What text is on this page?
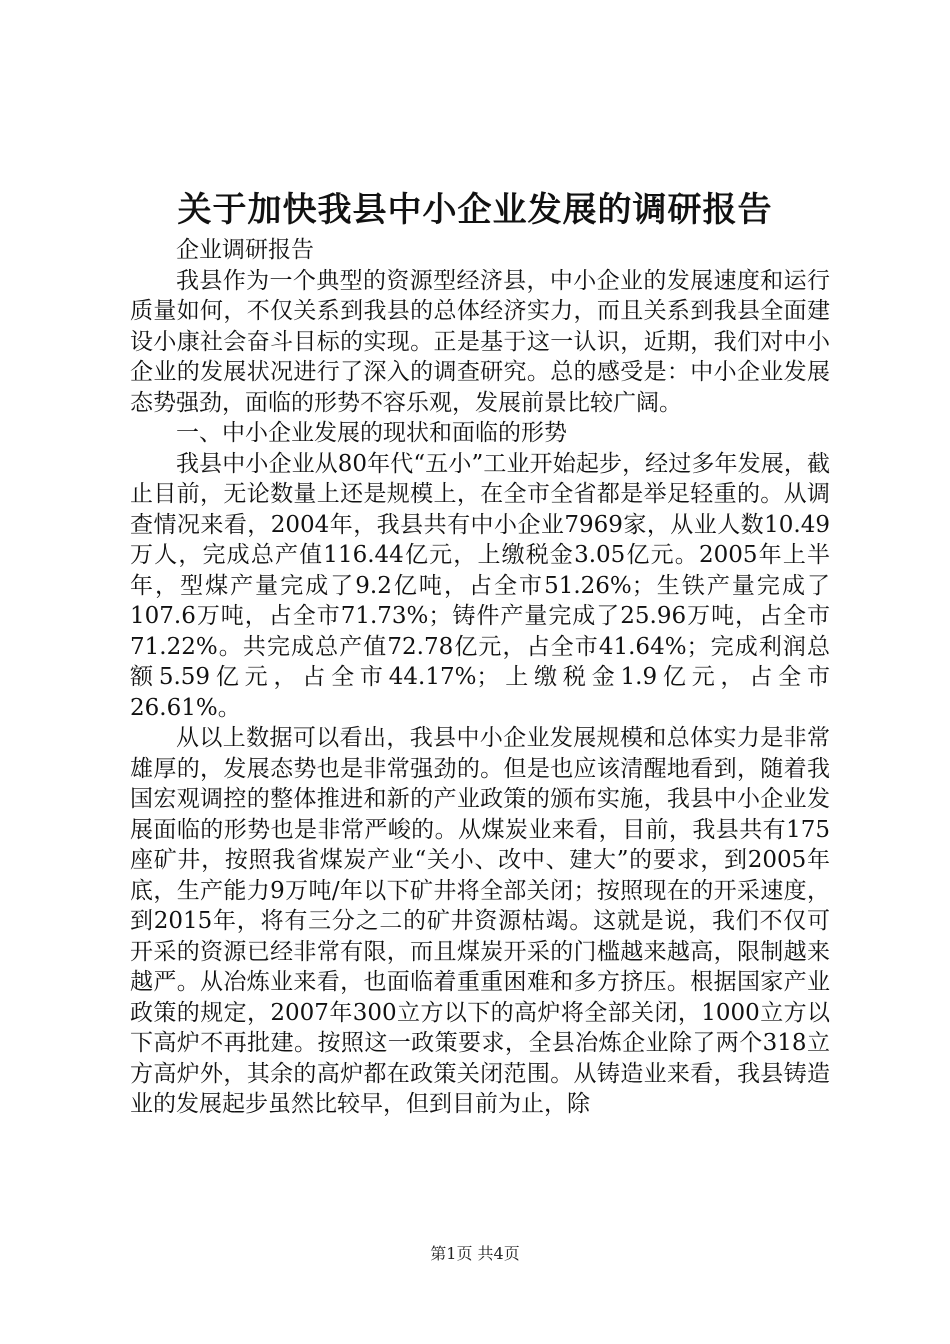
关于加快我县中小企业发展的调研报告

企业调研报告

我县作为一个典型的资源型经济县，中小企业的发展速度和运行质量如何，不仅关系到我县的总体经济实力，而且关系到我县全面建设小康社会奋斗目标的实现。正是基于这一认识，近期，我们对中小企业的发展状况进行了深入的调查研究。总的感受是：中小企业发展态势强劲，面临的形势不容乐观，发展前景比较广阔。

一、中小企业发展的现状和面临的形势

我县中小企业从80年代“五小”工业开始起步，经过多年发展，截止目前，无论数量上还是规模上，在全市全省都是举足轻重的。从调查情况来看，2004年，我县共有中小企业7969家，从业人数10.49万人，完成总产值116.44亿元，上缴税金3.05亿元。2005年上半年，型煤产量完成了9.2亿吨，占全市51.26%；生铁产量完成了107.6万吨，占全市71.73%；铸件产量完成了25.96万吨，占全市71.22%。共完成总产值72.78亿元，占全市41.64%；完成利润总额5.59亿元，占全市44.17%；上缴税金1.9亿元，占全市26.61%。

从以上数据可以看出，我县中小企业发展规模和总体实力是非常雄厚的，发展态势也是非常强劲的。但是也应该清醒地看到，随着我国宏观调控的整体推进和新的产业政策的颁布实施，我县中小企业发展面临的形势也是非常严峻的。从煤炭业来看，目前，我县共有175座矿井，按照我省煤炭产业“关小、改中、建大”的要求，到2005年底，生产能力9万吨/年以下矿井将全部关闭；按照现在的开采速度，到2015年，将有三分之二的矿井资源枯竭。这就是说，我们不仅可开采的资源已经非常有限，而且煤炭开采的门槛越来越高，限制越来越严。从冶炼业来看，也面临着重重困难和多方挤压。根据国家产业政策的规定，2007年300立方以下的高炉将全部关闭，1000立方以下高炉不再批建。按照这一政策要求，全县冶炼企业除了两个318立方高炉外，其余的高炉都在政策关闭范围。从铸造业来看，我县铸造业的发展起步虽然比较早，但到目前为止，除

第1页 共4页
